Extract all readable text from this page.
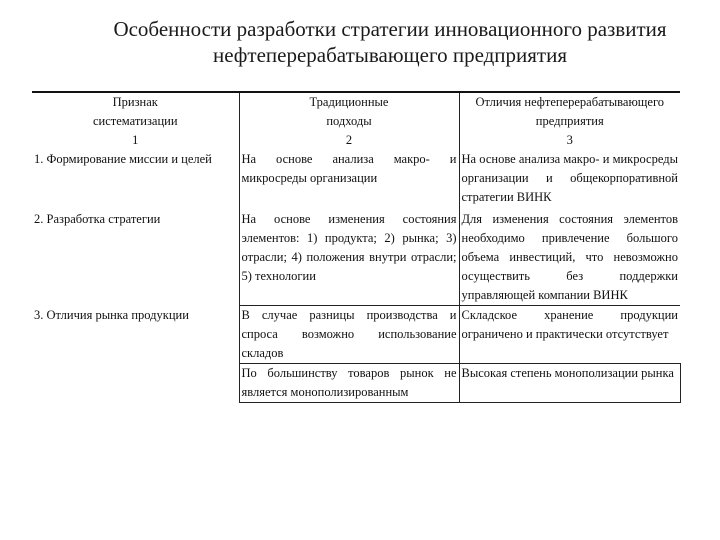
Особенности разработки стратегии инновационного развития
нефтеперерабатывающего предприятия
Признак систематизации	Традиционные подходы	Отличия нефтеперерабатывающего предприятия
1	2	3
1. Формирование миссии и целей	На основе анализа макро- и микросреды организации	На основе анализа макро- и микросреды организации и общекорпоративной стратегии ВИНК
2. Разработка стратегии	На основе изменения состояния элементов: 1) продукта; 2) рынка; 3) отрасли; 4) положения внутри отрасли; 5) технологии	Для изменения состояния элементов необходимо привлечение большого объема инвестиций, что невозможно осуществить без поддержки управляющей компании ВИНК
3. Отличия рынка продукции	В случае разницы производства и спроса возможно использование складов	Складское хранение продукции ограничено и практически отсутствует
	По большинству товаров рынок не является монополизированным	Высокая степень монополизации рынка
